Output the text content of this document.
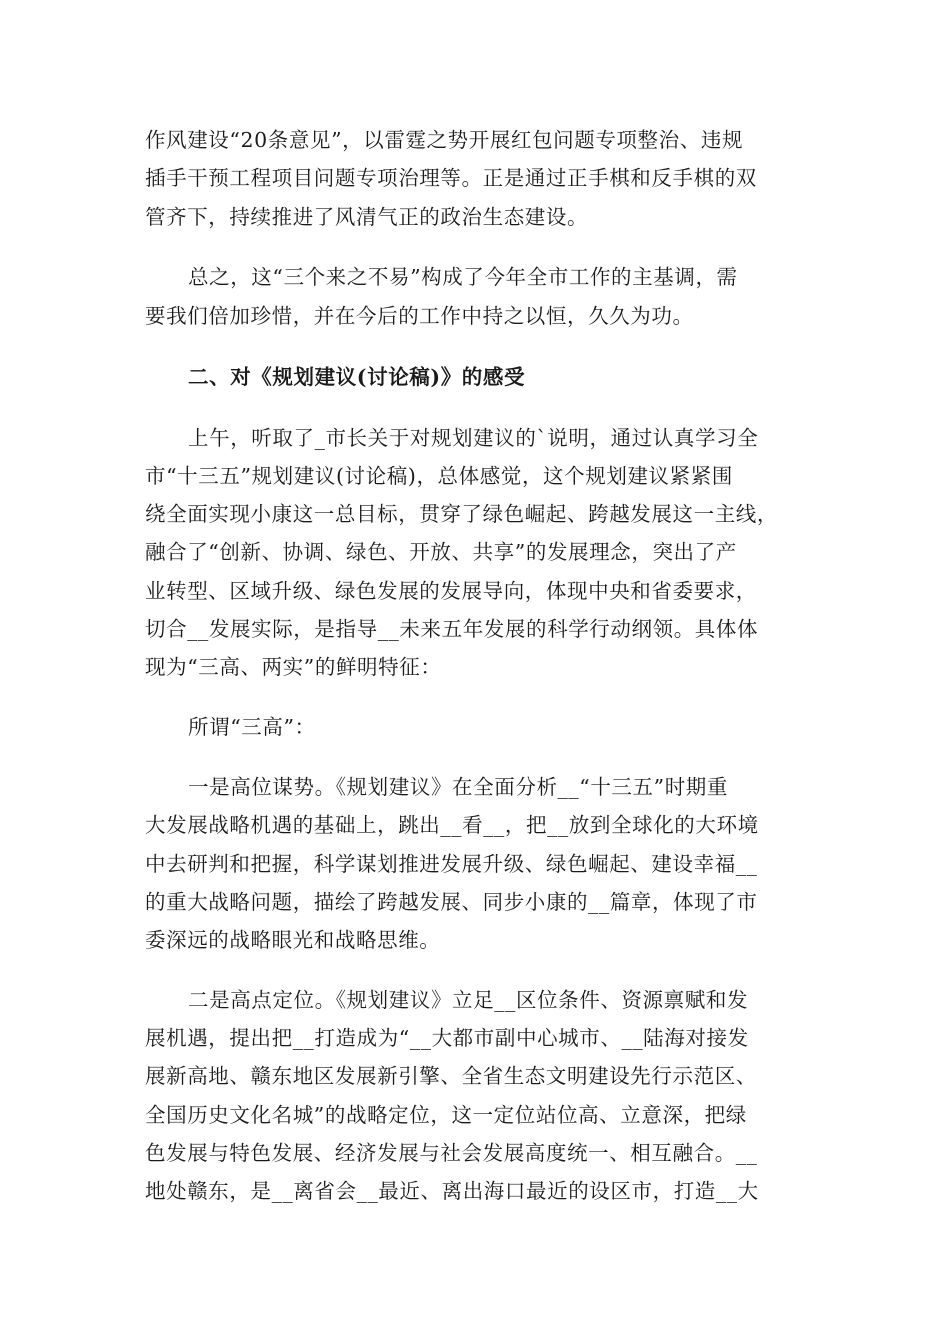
作风建设“20条意见”，以雷霆之势开展红包问题专项整治、违规
插手干预工程项目问题专项治理等。正是通过正手棋和反手棋的双
管齐下，持续推进了风清气正的政治生态建设。
总之，这“三个来之不易”构成了今年全市工作的主基调，需
要我们倍加珍惜，并在今后的工作中持之以恒，久久为功。
二、对《规划建议(讨论稿)》的感受
上午，听取了_市长关于对规划建议的`说明，通过认真学习全
市“十三五”规划建议(讨论稿)，总体感觉，这个规划建议紧紧围
绕全面实现小康这一总目标，贯穿了绿色崛起、跨越发展这一主线，
融合了“创新、协调、绿色、开放、共享”的发展理念，突出了产
业转型、区域升级、绿色发展的发展导向，体现中央和省委要求，
切合__发展实际，是指导__未来五年发展的科学行动纲领。具体体
现为“三高、两实”的鲜明特征：
所谓“三高”：
一是高位谋势。《规划建议》在全面分析__“十三五”时期重
大发展战略机遇的基础上，跳出__看__，把__放到全球化的大环境
中去研判和把握，科学谋划推进发展升级、绿色崛起、建设幸福__
的重大战略问题，描绘了跨越发展、同步小康的__篇章，体现了市
委深远的战略眼光和战略思维。
二是高点定位。《规划建议》立足__区位条件、资源禀赋和发
展机遇，提出把__打造成为“__大都市副中心城市、__陆海对接发
展新高地、赣东地区发展新引擎、全省生态文明建设先行示范区、
全国历史文化名城”的战略定位，这一定位站位高、立意深，把绿
色发展与特色发展、经济发展与社会发展高度统一、相互融合。__
地处赣东，是__离省会__最近、离出海口最近的设区市，打造__大
